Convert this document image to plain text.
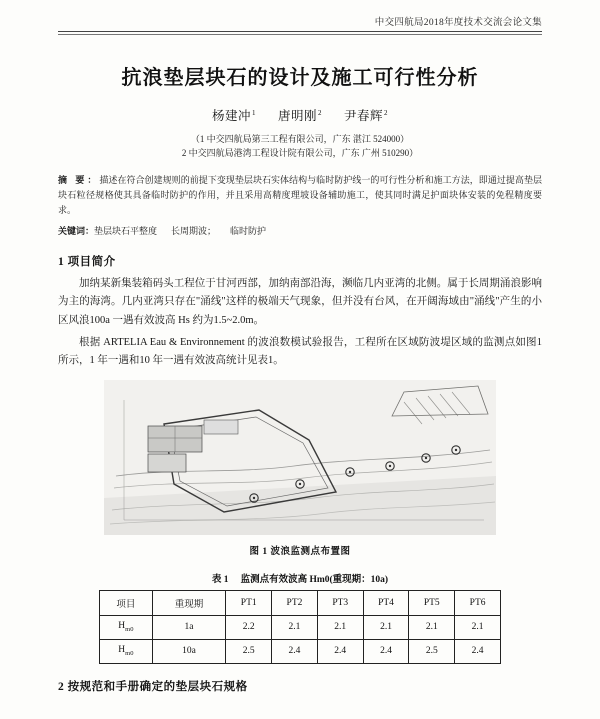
中交四航局2018年度技术交流会论文集
抗浪垫层块石的设计及施工可行性分析
杨建冲$^1$ 唐明刚$^2$ 尹春辉$^2$
（1 中交四航局第三工程有限公司，广东 湛江 524000）
2 中交四航局港湾工程设计院有限公司，广东 广州 510290）
摘 要：描述在符合创建规则的前提下变现垫层块石实体结构与临时防护线一的可行性分析和施工方法，即通过提高垫层块石粒径规格使其具备临时防护的作用，并且采用高精度理坡设备辅助施工，使其同时满足护面块体安装的免程精度要求。
关键词：垫层块石平整度 长周期波； 临时防护
1 项目简介

加纳某新集装箱码头工程位于甘河西部，加纳南部沿海，濒临几内亚湾的北侧。属于长周期涌浪影响为主的海湾。几内亚湾只存在"涌线"这样的极端天气现象，但并没有台风，在开阔海域由"涌线"产生的小区风浪100a 一遇有效波高 Hs 约为1.5~2.0m。

根据 ARTELIA Eau & Environnement 的波浪数模试验报告，工程所在区域防波堤区域的监测点如图1所示，1 年一遇和10 年一遇有效波高统计见表1。

图 1 波浪监测点布置图
表 1 监测点有效波高 Hm0(重现期：10a)
项目	重现期	PT1	PT2	PT3	PT4	PT5	PT6
$H_{m0}$	1a	2.2	2.1	2.1	2.1	2.1	2.1
$H_{m0}$	10a	2.5	2.4	2.4	2.4	2.5	2.4
2 按规范和手册确定的垫层块石规格
